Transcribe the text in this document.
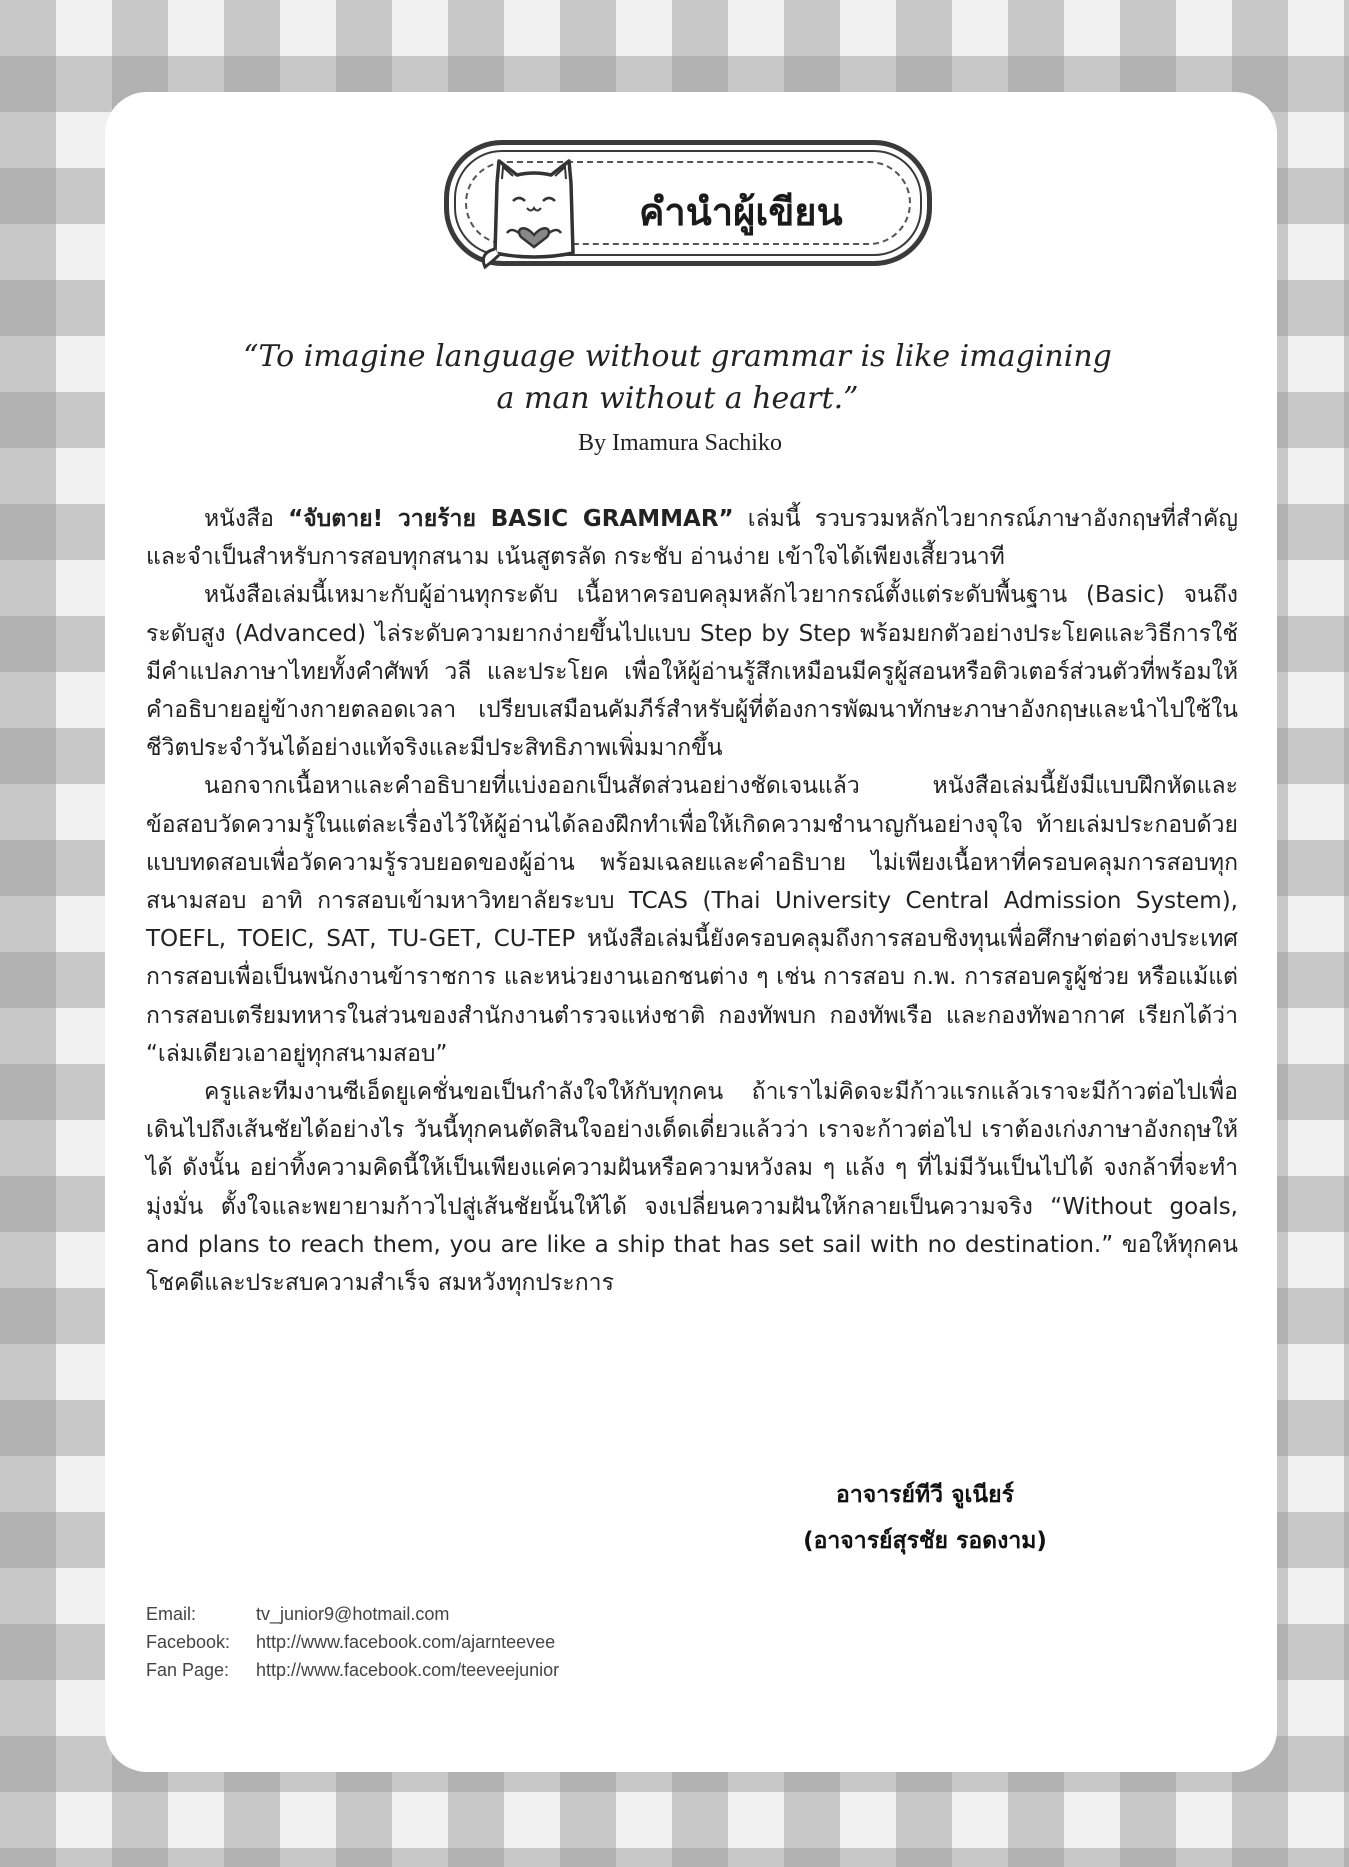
คำนำผู้เขียน
“To imagine language without grammar is like imagining
a man without a heart.”
By Imamura Sachiko

หนังสือ “จับตาย! วายร้าย BASIC GRAMMAR” เล่มนี้ รวบรวมหลักไวยากรณ์ภาษาอังกฤษที่สำคัญและจำเป็นสำหรับการสอบทุกสนาม เน้นสูตรลัด กระชับ อ่านง่าย เข้าใจได้เพียงเสี้ยวนาที

หนังสือเล่มนี้เหมาะกับผู้อ่านทุกระดับ เนื้อหาครอบคลุมหลักไวยากรณ์ตั้งแต่ระดับพื้นฐาน (Basic) จนถึงระดับสูง (Advanced) ไล่ระดับความยากง่ายขึ้นไปแบบ Step by Step พร้อมยกตัวอย่างประโยคและวิธีการใช้ มีคำแปลภาษาไทยทั้งคำศัพท์ วลี และประโยค เพื่อให้ผู้อ่านรู้สึกเหมือนมีครูผู้สอนหรือติวเตอร์ส่วนตัวที่พร้อมให้คำอธิบายอยู่ข้างกายตลอดเวลา เปรียบเสมือนคัมภีร์สำหรับผู้ที่ต้องการพัฒนาทักษะภาษาอังกฤษและนำไปใช้ในชีวิตประจำวันได้อย่างแท้จริงและมีประสิทธิภาพเพิ่มมากขึ้น

นอกจากเนื้อหาและคำอธิบายที่แบ่งออกเป็นสัดส่วนอย่างชัดเจนแล้ว หนังสือเล่มนี้ยังมีแบบฝึกหัดและข้อสอบวัดความรู้ในแต่ละเรื่องไว้ให้ผู้อ่านได้ลองฝึกทำเพื่อให้เกิดความชำนาญกันอย่างจุใจ ท้ายเล่มประกอบด้วยแบบทดสอบเพื่อวัดความรู้รวบยอดของผู้อ่าน พร้อมเฉลยและคำอธิบาย ไม่เพียงเนื้อหาที่ครอบคลุมการสอบทุกสนามสอบ อาทิ การสอบเข้ามหาวิทยาลัยระบบ TCAS (Thai University Central Admission System), TOEFL, TOEIC, SAT, TU-GET, CU-TEP หนังสือเล่มนี้ยังครอบคลุมถึงการสอบชิงทุนเพื่อศึกษาต่อต่างประเทศ การสอบเพื่อเป็นพนักงานข้าราชการ และหน่วยงานเอกชนต่าง ๆ เช่น การสอบ ก.พ. การสอบครูผู้ช่วย หรือแม้แต่การสอบเตรียมทหารในส่วนของสำนักงานตำรวจแห่งชาติ กองทัพบก กองทัพเรือ และกองทัพอากาศ เรียกได้ว่า “เล่มเดียวเอาอยู่ทุกสนามสอบ”

ครูและทีมงานซีเอ็ดยูเคชั่นขอเป็นกำลังใจให้กับทุกคน ถ้าเราไม่คิดจะมีก้าวแรกแล้วเราจะมีก้าวต่อไปเพื่อเดินไปถึงเส้นชัยได้อย่างไร วันนี้ทุกคนตัดสินใจอย่างเด็ดเดี่ยวแล้วว่า เราจะก้าวต่อไป เราต้องเก่งภาษาอังกฤษให้ได้ ดังนั้น อย่าทิ้งความคิดนี้ให้เป็นเพียงแค่ความฝันหรือความหวังลม ๆ แล้ง ๆ ที่ไม่มีวันเป็นไปได้ จงกล้าที่จะทำ มุ่งมั่น ตั้งใจและพยายามก้าวไปสู่เส้นชัยนั้นให้ได้ จงเปลี่ยนความฝันให้กลายเป็นความจริง “Without goals, and plans to reach them, you are like a ship that has set sail with no destination.” ขอให้ทุกคนโชคดีและประสบความสำเร็จ สมหวังทุกประการ

อาจารย์ทีวี จูเนียร์
(อาจารย์สุรชัย รอดงาม)
Email:	tv_junior9@hotmail.com
Facebook:	http://www.facebook.com/ajarnteevee
Fan Page:	http://www.facebook.com/teeveejunior
